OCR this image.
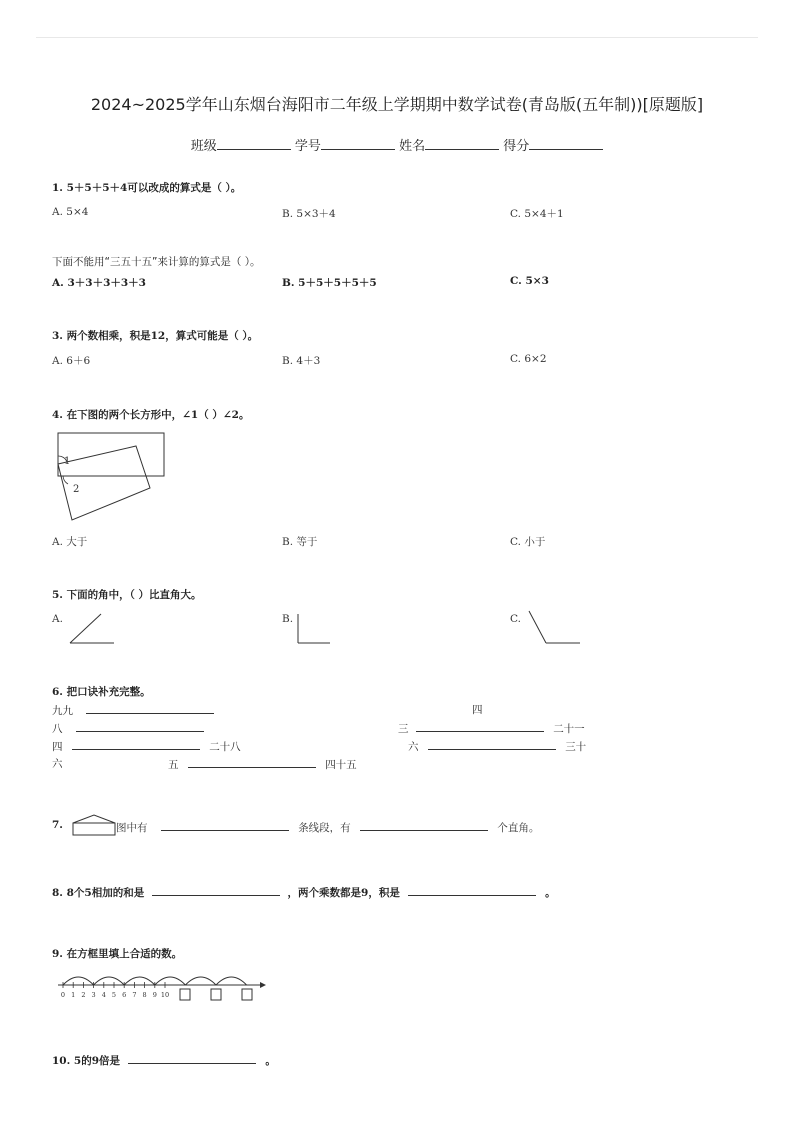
2024~2025学年山东烟台海阳市二年级上学期期中数学试卷(青岛版(五年制))[原题版]
班级	学号	姓名	得分
1. 5＋5＋5＋4可以改成的算式是（ ）。
A. 5×4	B. 5×3＋4	C. 5×4＋1
下面不能用“三五十五”来计算的算式是（ ）。
A. 3＋3＋3＋3＋3	B. 5＋5＋5＋5＋5	C. 5×3
3. 两个数相乘，积是12，算式可能是（ ）。
A. 6＋6	B. 4＋3	C. 6×2
4. 在下图的两个长方形中，∠1（ ）∠2。
1
2
A. 大于	B. 等于	C. 小于
5. 下面的角中，（ ）比直角大。
A.	B.	C.
6. 把口诀补充完整。
九九	四
八	三	二十一
四	二十八	六	三十
六	五	四十五
7.	图中有	条线段，有	个直角。
8. 8个5相加的和是	，两个乘数都是9，积是	。
9. 在方框里填上合适的数。
0 1 2 3 4 5 6 7 8 9 10
10. 5的9倍是	。
